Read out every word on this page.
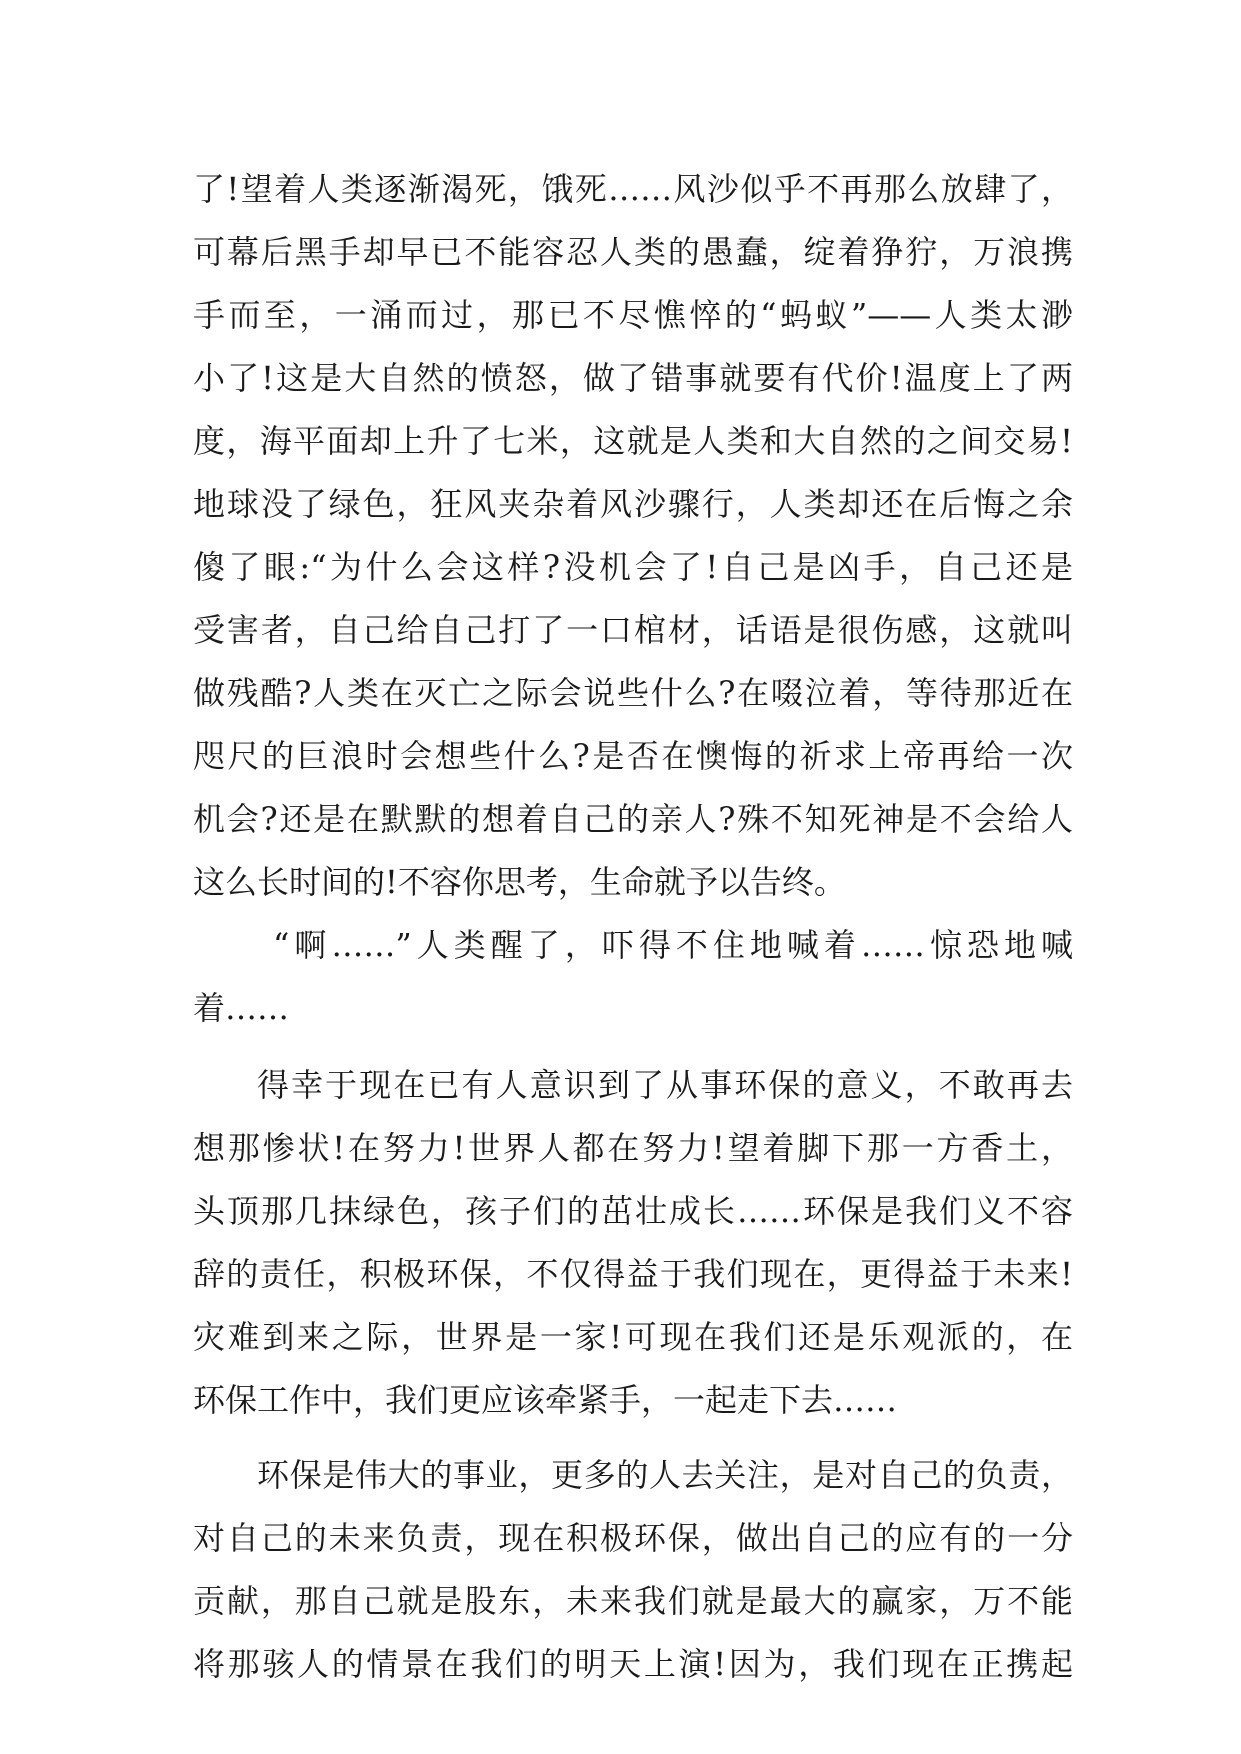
了!望着人类逐渐渴死，饿死……风沙似乎不再那么放肆了，
可幕后黑手却早已不能容忍人类的愚蠢，绽着狰狞，万浪携
手而至，一涌而过，那已不尽憔悴的“蚂蚁”——人类太渺
小了!这是大自然的愤怒，做了错事就要有代价!温度上了两
度，海平面却上升了七米，这就是人类和大自然的之间交易!
地球没了绿色，狂风夹杂着风沙骤行，人类却还在后悔之余
傻了眼:“为什么会这样?没机会了!自己是凶手，自己还是
受害者，自己给自己打了一口棺材，话语是很伤感，这就叫
做残酷?人类在灭亡之际会说些什么?在啜泣着，等待那近在
咫尺的巨浪时会想些什么?是否在懊悔的祈求上帝再给一次
机会?还是在默默的想着自己的亲人?殊不知死神是不会给人
这么长时间的!不容你思考，生命就予以告终。
“啊……”人类醒了，吓得不住地喊着……惊恐地喊
着……
得幸于现在已有人意识到了从事环保的意义，不敢再去
想那惨状!在努力!世界人都在努力!望着脚下那一方香土，
头顶那几抹绿色，孩子们的茁壮成长……环保是我们义不容
辞的责任，积极环保，不仅得益于我们现在，更得益于未来!
灾难到来之际，世界是一家!可现在我们还是乐观派的，在
环保工作中，我们更应该牵紧手，一起走下去……
环保是伟大的事业，更多的人去关注，是对自己的负责，
对自己的未来负责，现在积极环保，做出自己的应有的一分
贡献，那自己就是股东，未来我们就是最大的赢家，万不能
将那骇人的情景在我们的明天上演!因为，我们现在正携起
